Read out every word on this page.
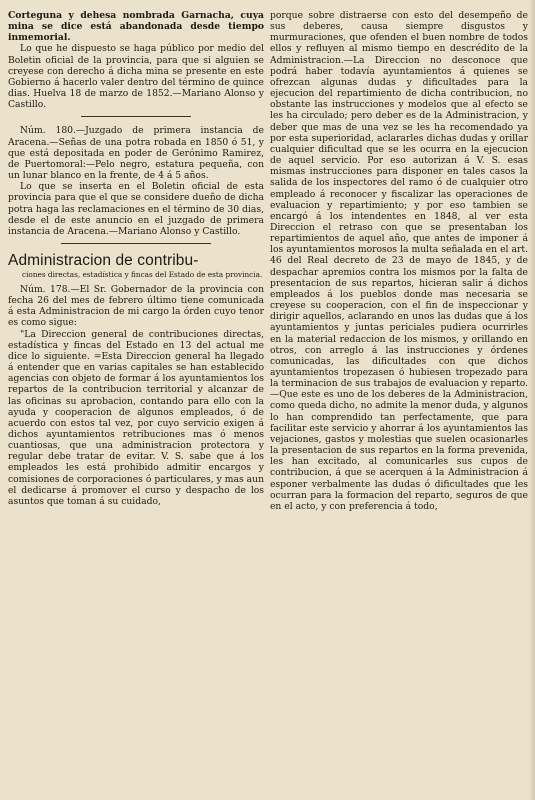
Corteguna y dehesa nombrada Garnacha, cuya mina se dice está abandonada desde tiempo inmemorial.

Lo que he dispuesto se haga público por medio del Boletin oficial de la provincia, para que si alguien se creyese con derecho á dicha mina se presente en este Gobierno á hacerlo valer dentro del término de quince dias. Huelva 18 de marzo de 1852.—Mariano Alonso y Castillo.

Núm. 180.—Juzgado de primera instancia de Aracena.—Señas de una potra robada en 1850 ó 51, y que está depositada en poder de Gerónimo Ramirez, de Puertomoral:—Pelo negro, estatura pequeña, con un lunar blanco en la frente, de 4 á 5 años.

Lo que se inserta en el Boletin oficial de esta provincia para que el que se considere dueño de dicha potra haga las reclamaciones en el término de 30 dias, desde el de este anuncio en el juzgado de primera instancia de Aracena.—Mariano Alonso y Castillo.

Administracion de contribu-

ciones directas, estadística y fincas del Estado de esta provincia.

Núm. 178.—El Sr. Gobernador de la provincia con fecha 26 del mes de febrero último tiene comunicada á esta Administracion de mi cargo la órden cuyo tenor es como sigue:

"La Direccion general de contribuciones directas, estadística y fincas del Estado en 13 del actual me dice lo siguiente. =Esta Direccion general ha llegado á entender que en varias capitales se han establecido agencias con objeto de formar á los ayuntamientos los repartos de la contribucion territorial y alcanzar de las oficinas su aprobacion, contando para ello con la ayuda y cooperacion de algunos empleados, ó de acuerdo con estos tal vez, por cuyo servicio exigen á dichos ayuntamientos retribuciones mas ó menos cuantiosas, que una administracion protectora y regular debe tratar de evitar. V. S. sabe que á los empleados les está prohibido admitir encargos y comisiones de corporaciones ó particulares, y mas aun el dedicarse á promover el curso y despacho de los asuntos que toman á su cuidado,

porque sobre distraerse con esto del desempeño de sus deberes, causa siempre disgustos y murmuraciones, que ofenden el buen nombre de todos ellos y refluyen al mismo tiempo en descrédito de la Administracion.—La Direccion no desconoce que podrá haber todavía ayuntamientos á quienes se ofrezcan algunas dudas y dificultades para la ejecucion del repartimiento de dicha contribucion, no obstante las instrucciones y modelos que al efecto se les ha circulado; pero deber es de la Administracion, y deber que mas de una vez se les ha recomendado ya por esta superioridad, aclararles dichas dudas y orillar cualquier dificultad que se les ocurra en la ejecucion de aquel servicio. Por eso autorizan á V. S. esas mismas instrucciones para disponer en tales casos la salida de los inspectores del ramo ó de cualquier otro empleado á reconocer y fiscalizar las operaciones de evaluacion y repartimiento; y por eso tambien se encargó á los intendentes en 1848, al ver esta Direccion el retraso con que se presentaban los repartimientos de aquel año, que antes de imponer á los ayuntamientos morosos la multa señalada en el art. 46 del Real decreto de 23 de mayo de 1845, y de despachar apremios contra los mismos por la falta de presentacion de sus repartos, hicieran salir á dichos empleados á los pueblos donde mas necesaria se creyese su cooperacion, con el fin de inspeccionar y dirigir aquellos, aclarando en unos las dudas que á los ayuntamientos y juntas periciales pudiera ocurrirles en la material redaccion de los mismos, y orillando en otros, con arreglo á las instrucciones y órdenes comunicadas, las dificultades con que dichos ayuntamientos tropezasen ó hubiesen tropezado para la terminacion de sus trabajos de evaluacion y reparto.—Que este es uno de los deberes de la Administracion, como queda dicho, no admite la menor duda, y algunos lo han comprendido tan perfectamente, que para facilitar este servicio y ahorrar á los ayuntamientos las vejaciones, gastos y molestias que suelen ocasionarles la presentacion de sus repartos en la forma prevenida, les han excitado, al comunicarles sus cupos de contribucion, á que se acerquen á la Administracion á esponer verbalmente las dudas ó dificultades que les ocurran para la formacion del reparto, seguros de que en el acto, y con preferencia á todo,
